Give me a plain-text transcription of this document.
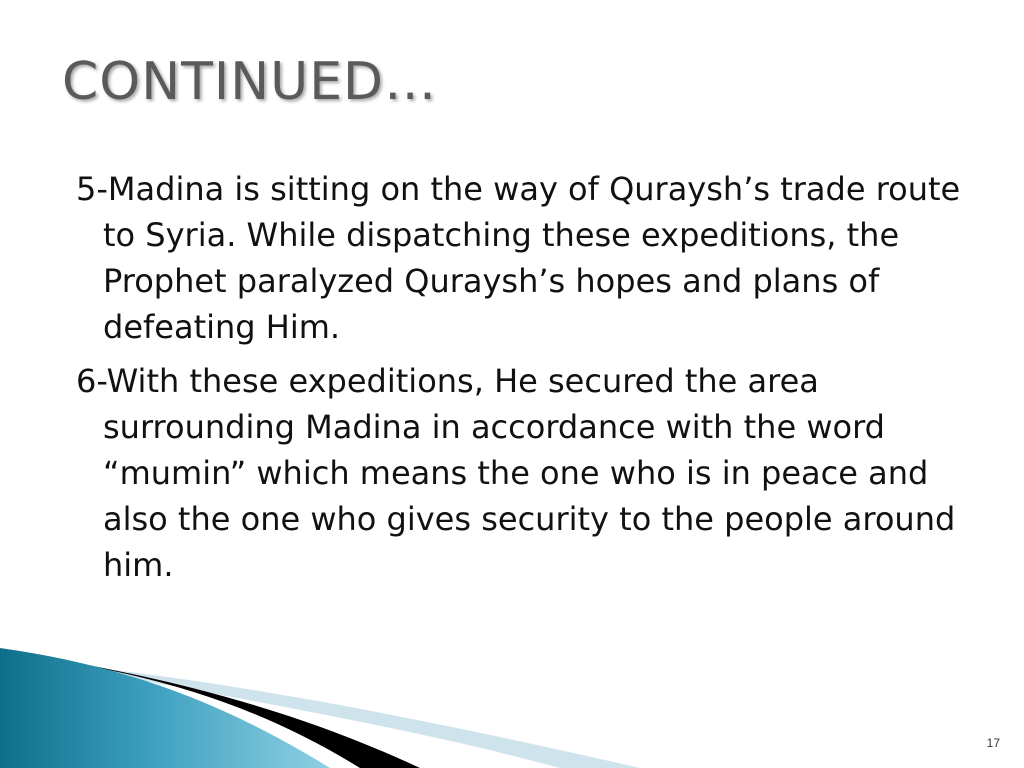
CONTINUED…

5-Madina is sitting on the way of Quraysh’s trade route to Syria. While dispatching these expeditions, the Prophet paralyzed Quraysh’s hopes and plans of defeating Him.

6-With these expeditions, He secured the area surrounding Madina in accordance with the word “mumin” which means the one who is in peace and also the one who gives security to the people around him.

17
